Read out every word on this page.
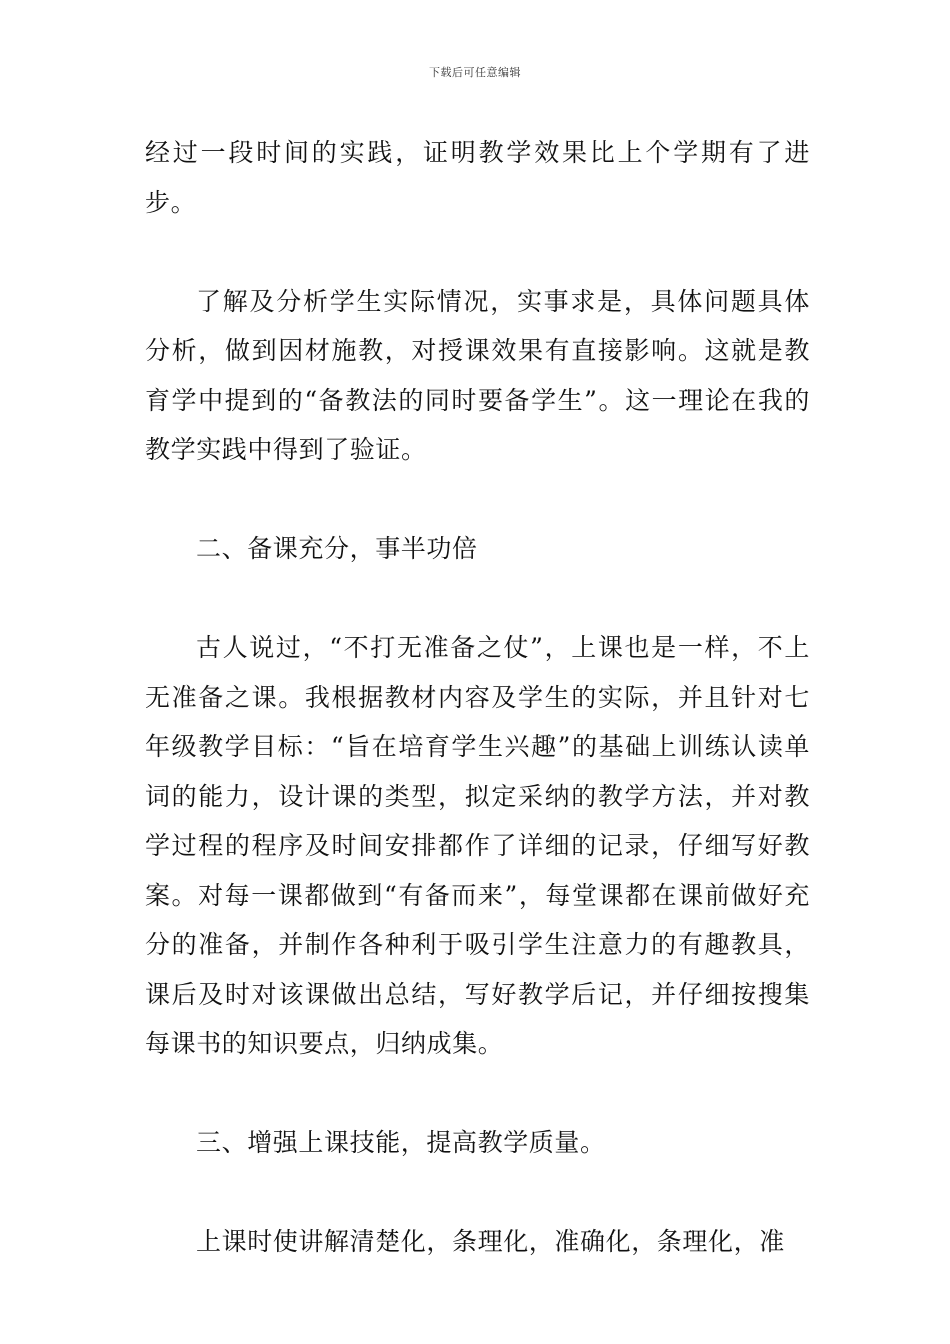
下载后可任意编辑

经过一段时间的实践，证明教学效果比上个学期有了进步。

了解及分析学生实际情况，实事求是，具体问题具体分析，做到因材施教，对授课效果有直接影响。这就是教育学中提到的“备教法的同时要备学生”。这一理论在我的教学实践中得到了验证。

二、备课充分，事半功倍

古人说过，“不打无准备之仗”，上课也是一样，不上无准备之课。我根据教材内容及学生的实际，并且针对七年级教学目标：“旨在培育学生兴趣”的基础上训练认读单词的能力，设计课的类型，拟定采纳的教学方法，并对教学过程的程序及时间安排都作了详细的记录，仔细写好教案。对每一课都做到“有备而来”，每堂课都在课前做好充分的准备，并制作各种利于吸引学生注意力的有趣教具，课后及时对该课做出总结，写好教学后记，并仔细按搜集每课书的知识要点，归纳成集。

三、增强上课技能，提高教学质量。

上课时使讲解清楚化，条理化，准确化，条理化，准
